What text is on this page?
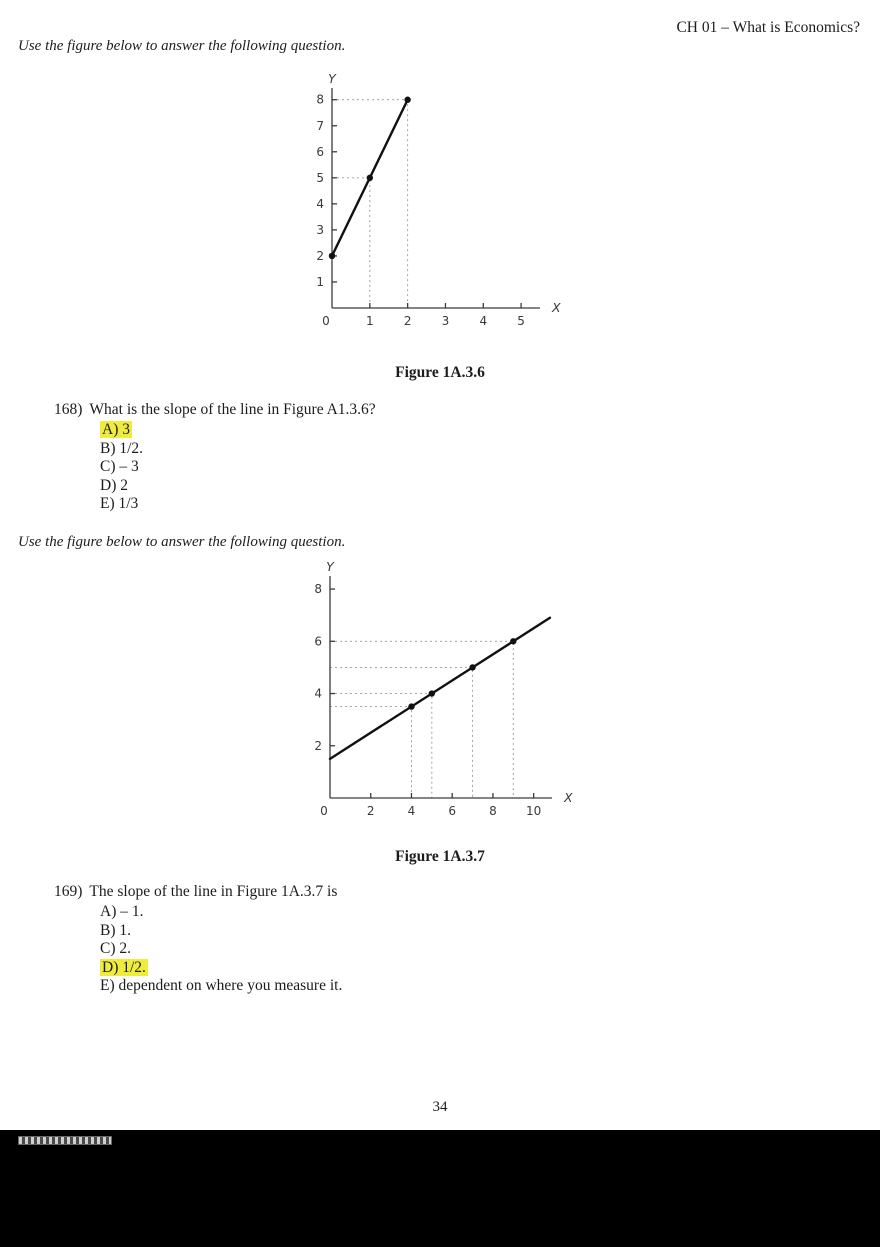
CH 01 – What is Economics?
Use the figure below to answer the following question.
1
2
3
4
5
6
7
8
0	1	2	3	4	5
Y
X
Figure 1A.3.6
168) What is the slope of the line in Figure A1.3.6?
A) 3
B) 1/2.
C) – 3
D) 2
E) 1/3
Use the figure below to answer the following question.
2
4
6
8
0	2	4	6	8 10
Y
X
Figure 1A.3.7
169) The slope of the line in Figure 1A.3.7 is
A) – 1.
B) 1.
C) 2.
D) 1/2.
E) dependent on where you measure it.
34
